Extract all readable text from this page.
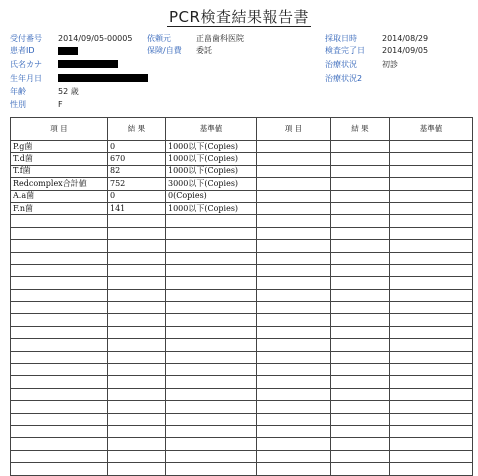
PCR検査結果報告書
受付番号 2014/09/05-00005
患者ID
氏名カナ
生年月日
年齢	52 歳
性別	F
依頼元	正畠歯科医院
保険/自費 委託
採取日時	2014/08/29
検査完了日 2014/09/05
治療状況	初診
治療状況2
項 目	結 果	基準値	項 目	結 果	基準値
P.g菌	0	1000以下(Copies)			
T.d菌	670	1000以下(Copies)			
T.f菌	82	1000以下(Copies)			
Redcomplex合計値	752	3000以下(Copies)			
A.a菌	0	0(Copies)			
F.n菌	141	1000以下(Copies)			
